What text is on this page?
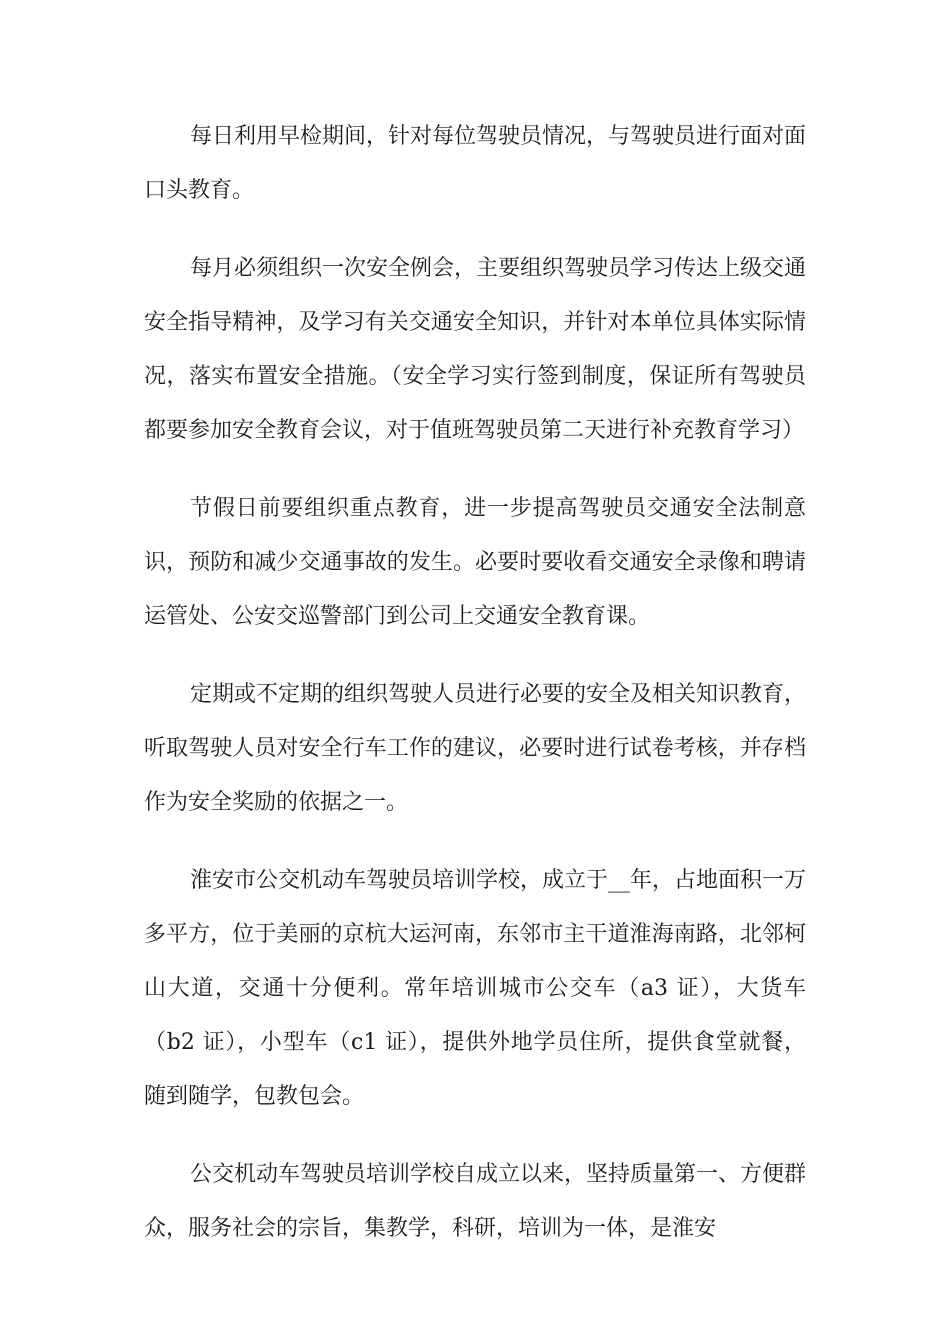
每日利用早检期间，针对每位驾驶员情况，与驾驶员进行面对面口头教育。

每月必须组织一次安全例会，主要组织驾驶员学习传达上级交通安全指导精神，及学习有关交通安全知识，并针对本单位具体实际情况，落实布置安全措施。（安全学习实行签到制度，保证所有驾驶员都要参加安全教育会议，对于值班驾驶员第二天进行补充教育学习）

节假日前要组织重点教育，进一步提高驾驶员交通安全法制意识，预防和减少交通事故的发生。必要时要收看交通安全录像和聘请运管处、公安交巡警部门到公司上交通安全教育课。

定期或不定期的组织驾驶人员进行必要的安全及相关知识教育，听取驾驶人员对安全行车工作的建议，必要时进行试卷考核，并存档作为安全奖励的依据之一。

淮安市公交机动车驾驶员培训学校，成立于__年，占地面积一万多平方，位于美丽的京杭大运河南，东邻市主干道淮海南路，北邻柯山大道，交通十分便利。常年培训城市公交车（a3 证），大货车（b2 证），小型车（c1 证），提供外地学员住所，提供食堂就餐，随到随学，包教包会。

公交机动车驾驶员培训学校自成立以来，坚持质量第一、方便群众，服务社会的宗旨，集教学，科研，培训为一体，是淮安
